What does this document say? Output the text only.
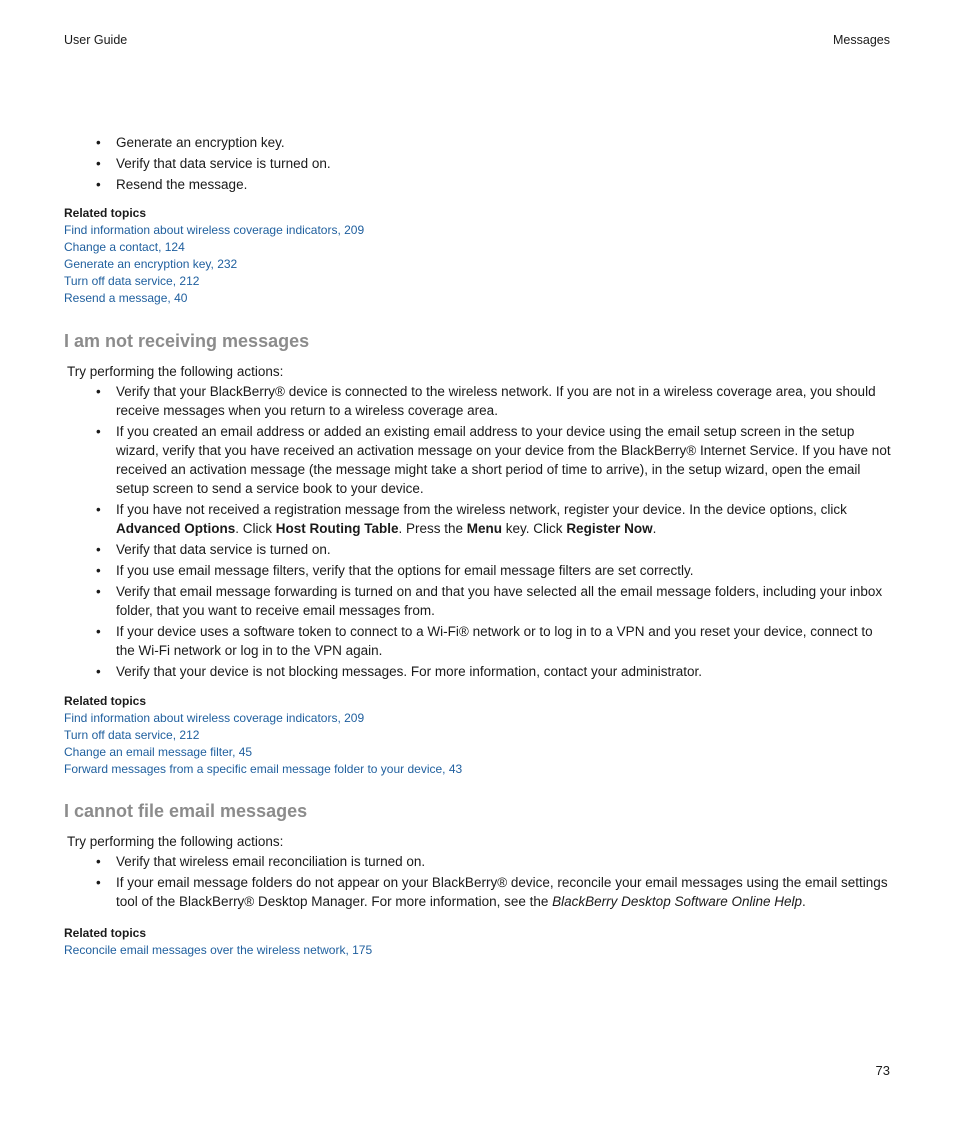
User Guide	Messages
• Generate an encryption key.
• Verify that data service is turned on.
• Resend the message.
Related topics
Find information about wireless coverage indicators, 209
Change a contact, 124
Generate an encryption key, 232
Turn off data service, 212
Resend a message, 40
I am not receiving messages

Try performing the following actions:

• Verify that your BlackBerry® device is connected to the wireless network. If you are not in a wireless coverage area, you should receive messages when you return to a wireless coverage area.
• If you created an email address or added an existing email address to your device using the email setup screen in the setup wizard, verify that you have received an activation message on your device from the BlackBerry® Internet Service. If you have not received an activation message (the message might take a short period of time to arrive), in the setup wizard, open the email setup screen to send a service book to your device.
• If you have not received a registration message from the wireless network, register your device. In the device options, click Advanced Options. Click Host Routing Table. Press the Menu key. Click Register Now.
• Verify that data service is turned on.
• If you use email message filters, verify that the options for email message filters are set correctly.
• Verify that email message forwarding is turned on and that you have selected all the email message folders, including your inbox folder, that you want to receive email messages from.
• If your device uses a software token to connect to a Wi-Fi® network or to log in to a VPN and you reset your device, connect to the Wi-Fi network or log in to the VPN again.
• Verify that your device is not blocking messages. For more information, contact your administrator.
Related topics
Find information about wireless coverage indicators, 209
Turn off data service, 212
Change an email message filter, 45
Forward messages from a specific email message folder to your device, 43
I cannot file email messages

Try performing the following actions:

• Verify that wireless email reconciliation is turned on.
• If your email message folders do not appear on your BlackBerry® device, reconcile your email messages using the email settings tool of the BlackBerry® Desktop Manager. For more information, see the BlackBerry Desktop Software Online Help.
Related topics
Reconcile email messages over the wireless network, 175
73
